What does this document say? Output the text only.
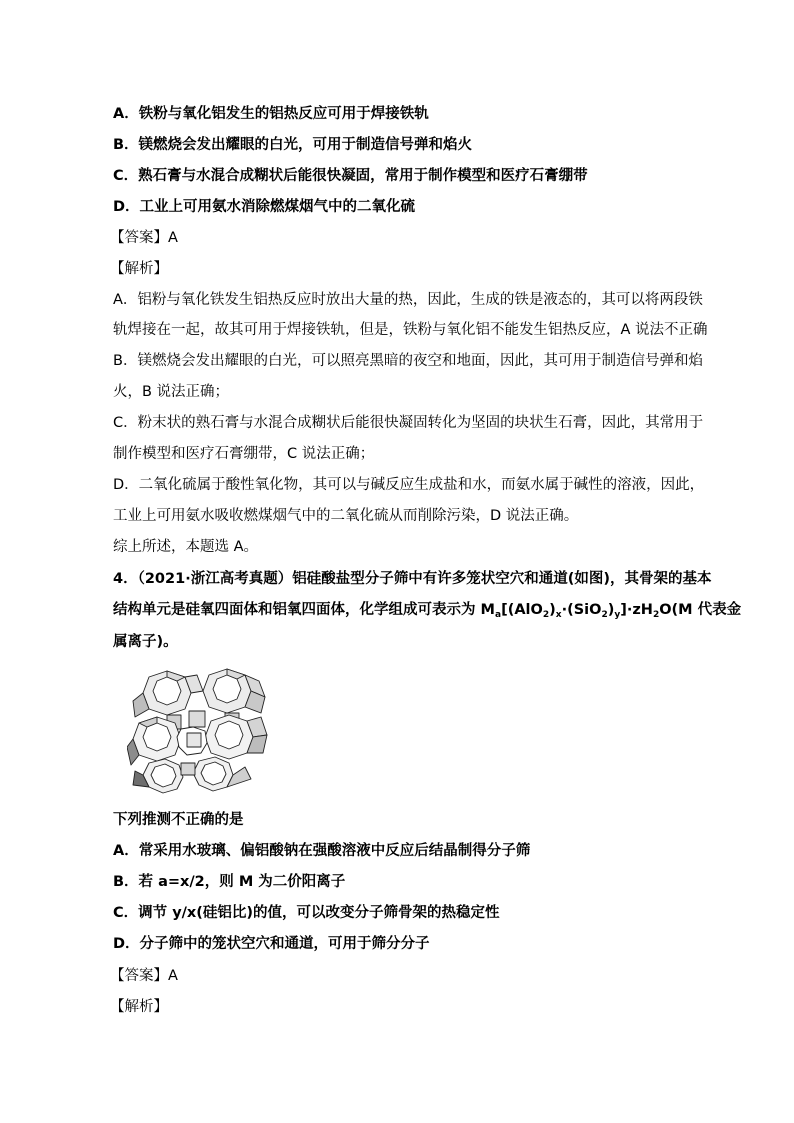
A．铁粉与氧化铝发生的铝热反应可用于焊接铁轨
B．镁燃烧会发出耀眼的白光，可用于制造信号弹和焰火
C．熟石膏与水混合成糊状后能很快凝固，常用于制作模型和医疗石膏绷带
D．工业上可用氨水消除燃煤烟气中的二氧化硫
【答案】A
【解析】
A．铝粉与氧化铁发生铝热反应时放出大量的热，因此，生成的铁是液态的，其可以将两段铁
轨焊接在一起，故其可用于焊接铁轨，但是，铁粉与氧化铝不能发生铝热反应，A 说法不正确
B．镁燃烧会发出耀眼的白光，可以照亮黑暗的夜空和地面，因此，其可用于制造信号弹和焰
火，B 说法正确；
C．粉末状的熟石膏与水混合成糊状后能很快凝固转化为坚固的块状生石膏，因此，其常用于
制作模型和医疗石膏绷带，C 说法正确；
D．二氧化硫属于酸性氧化物，其可以与碱反应生成盐和水，而氨水属于碱性的溶液，因此，
工业上可用氨水吸收燃煤烟气中的二氧化硫从而削除污染，D 说法正确。
综上所述，本题选 A。
4．（2021·浙江高考真题）铝硅酸盐型分子筛中有许多笼状空穴和通道(如图)，其骨架的基本
结构单元是硅氧四面体和铝氧四面体，化学组成可表示为 $M_a[(AlO_2)_x\cdot(SiO_2)_y]\cdot zH_2O(M$ 代表金
属离子)。
下列推测不正确的是
A．常采用水玻璃、偏铝酸钠在强酸溶液中反应后结晶制得分子筛
B．若 a=x/2，则 M 为二价阳离子
C．调节 y/x(硅铝比)的值，可以改变分子筛骨架的热稳定性
D．分子筛中的笼状空穴和通道，可用于筛分分子
【答案】A
【解析】
